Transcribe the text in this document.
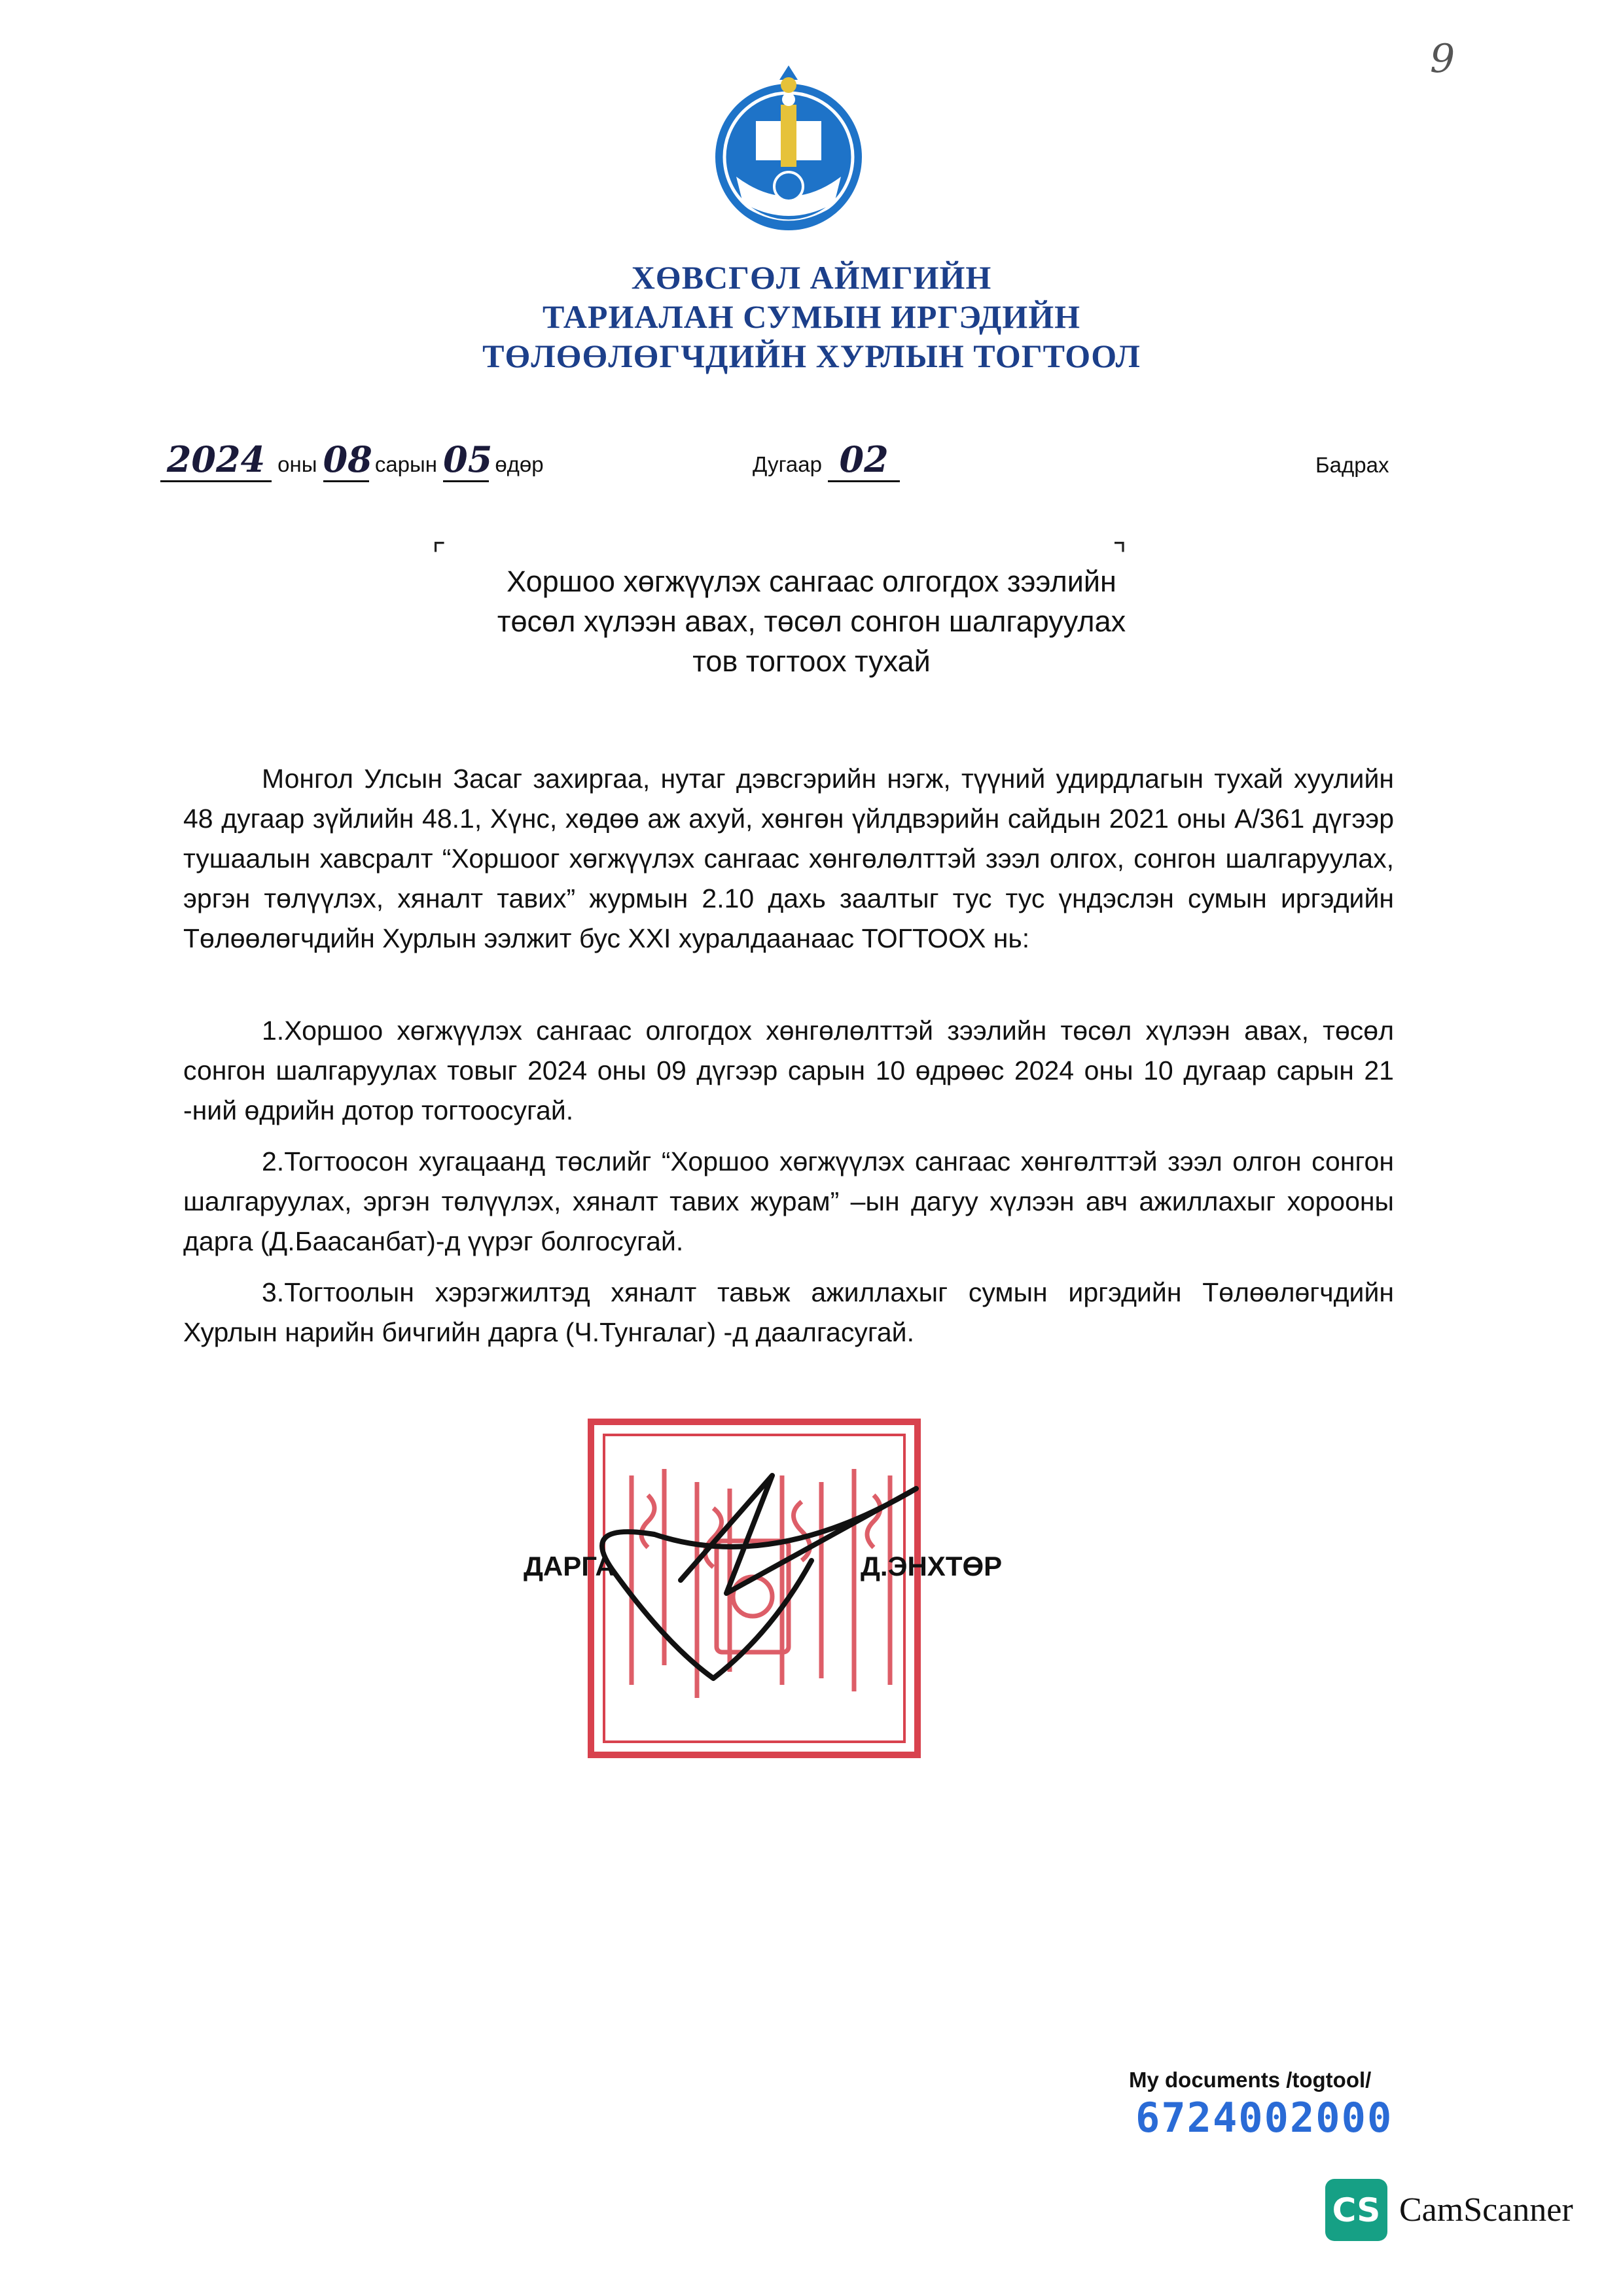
9
ХӨВСГӨЛ АЙМГИЙН
ТАРИАЛАН СУМЫН ИРГЭДИЙН
ТӨЛӨӨЛӨГЧДИЙН ХУРЛЫН ТОГТООЛ
2024 оны 08 сарын 05 өдөр	Дугаар 02	Бадрах
⌜	⌝
Хоршоо хөгжүүлэх сангаас олгогдох зээлийн
төсөл хүлээн авах, төсөл сонгон шалгаруулах
тов тогтоох тухай
Монгол Улсын Засаг захиргаа, нутаг дэвсгэрийн нэгж, түүний удирдлагын тухай хуулийн 48 дугаар зүйлийн 48.1, Хүнс, хөдөө аж ахуй, хөнгөн үйлдвэрийн сайдын 2021 оны А/361 дүгээр тушаалын хавсралт “Хоршоог хөгжүүлэх сангаас хөнгөлөлттэй зээл олгох, сонгон шалгаруулах, эргэн төлүүлэх, хяналт тавих” журмын 2.10 дахь заалтыг тус тус үндэслэн сумын иргэдийн Төлөөлөгчдийн Хурлын ээлжит бус XXI хуралдаанаас ТОГТООХ нь:
1.Хоршоо хөгжүүлэх сангаас олгогдох хөнгөлөлттэй зээлийн төсөл хүлээн авах, төсөл сонгон шалгаруулах товыг 2024 оны 09 дүгээр сарын 10 өдрөөс 2024 оны 10 дугаар сарын 21 -ний өдрийн дотор тогтоосугай.
2.Тогтоосон хугацаанд төслийг “Хоршоо хөгжүүлэх сангаас хөнгөлттэй зээл олгон сонгон шалгаруулах, эргэн төлүүлэх, хяналт тавих журам” –ын дагуу хүлээн авч ажиллахыг хорооны дарга (Д.Баасанбат)-д үүрэг болгосугай.
3.Тогтоолын хэрэгжилтэд хяналт тавьж ажиллахыг сумын иргэдийн Төлөөлөгчдийн Хурлын нарийн бичгийн дарга (Ч.Тунгалаг) -д даалгасугай.
ДАРГА	Д.ЭНХТӨР
My documents /togtool/
6724002000
CS CamScanner
